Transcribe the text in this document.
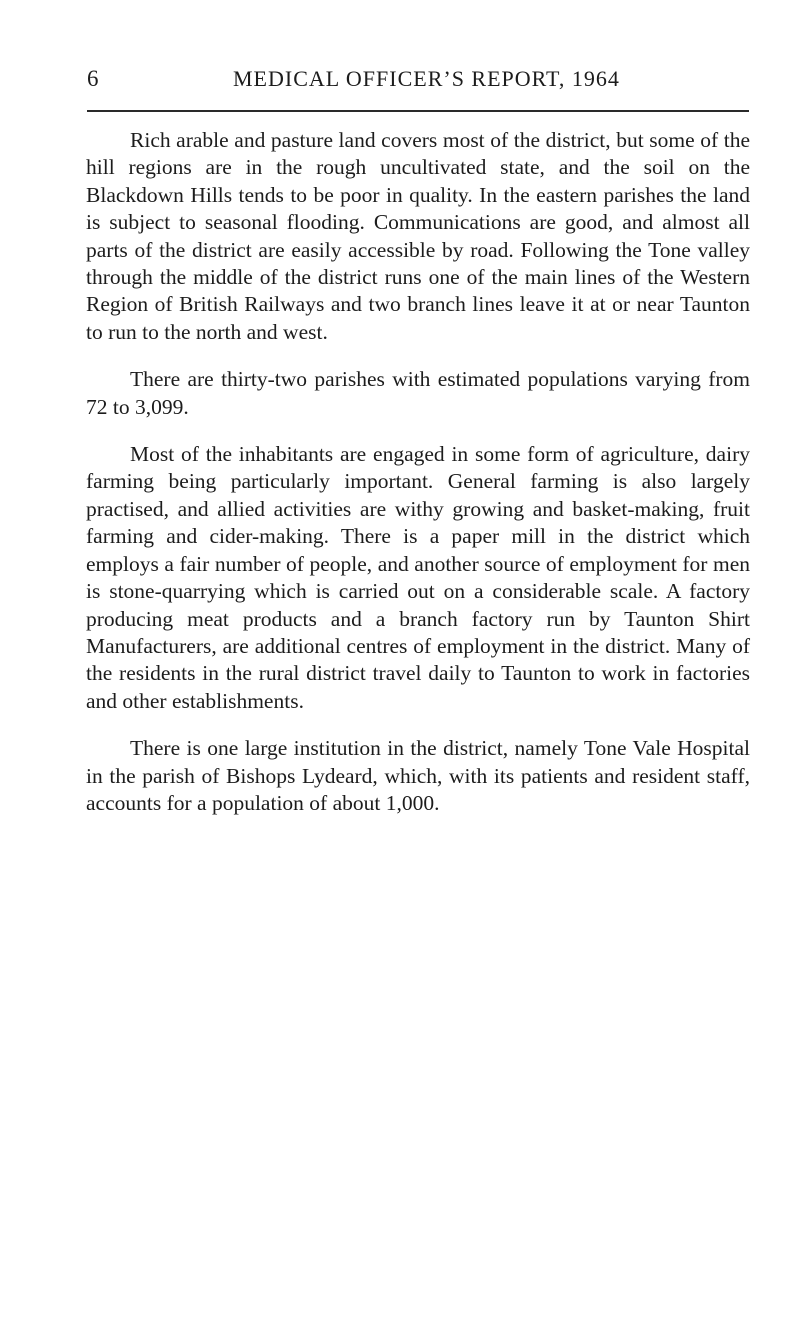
6	MEDICAL OFFICER’S REPORT, 1964

Rich arable and pasture land covers most of the district, but some of the hill regions are in the rough uncultivated state, and the soil on the Blackdown Hills tends to be poor in quality. In the eastern parishes the land is subject to seasonal flooding. Communications are good, and almost all parts of the district are easily accessible by road. Following the Tone valley through the middle of the district runs one of the main lines of the Western Region of British Railways and two branch lines leave it at or near Taunton to run to the north and west.

There are thirty-two parishes with estimated populations varying from 72 to 3,099.

Most of the inhabitants are engaged in some form of agriculture, dairy farming being particularly important. General farming is also largely practised, and allied activities are withy growing and basket-making, fruit farming and cider-making. There is a paper mill in the district which employs a fair number of people, and another source of employment for men is stone-quarrying which is carried out on a considerable scale. A factory producing meat products and a branch factory run by Taunton Shirt Manufacturers, are additional centres of employment in the district. Many of the residents in the rural district travel daily to Taunton to work in factories and other establishments.

There is one large institution in the district, namely Tone Vale Hospital in the parish of Bishops Lydeard, which, with its patients and resident staff, accounts for a population of about 1,000.
